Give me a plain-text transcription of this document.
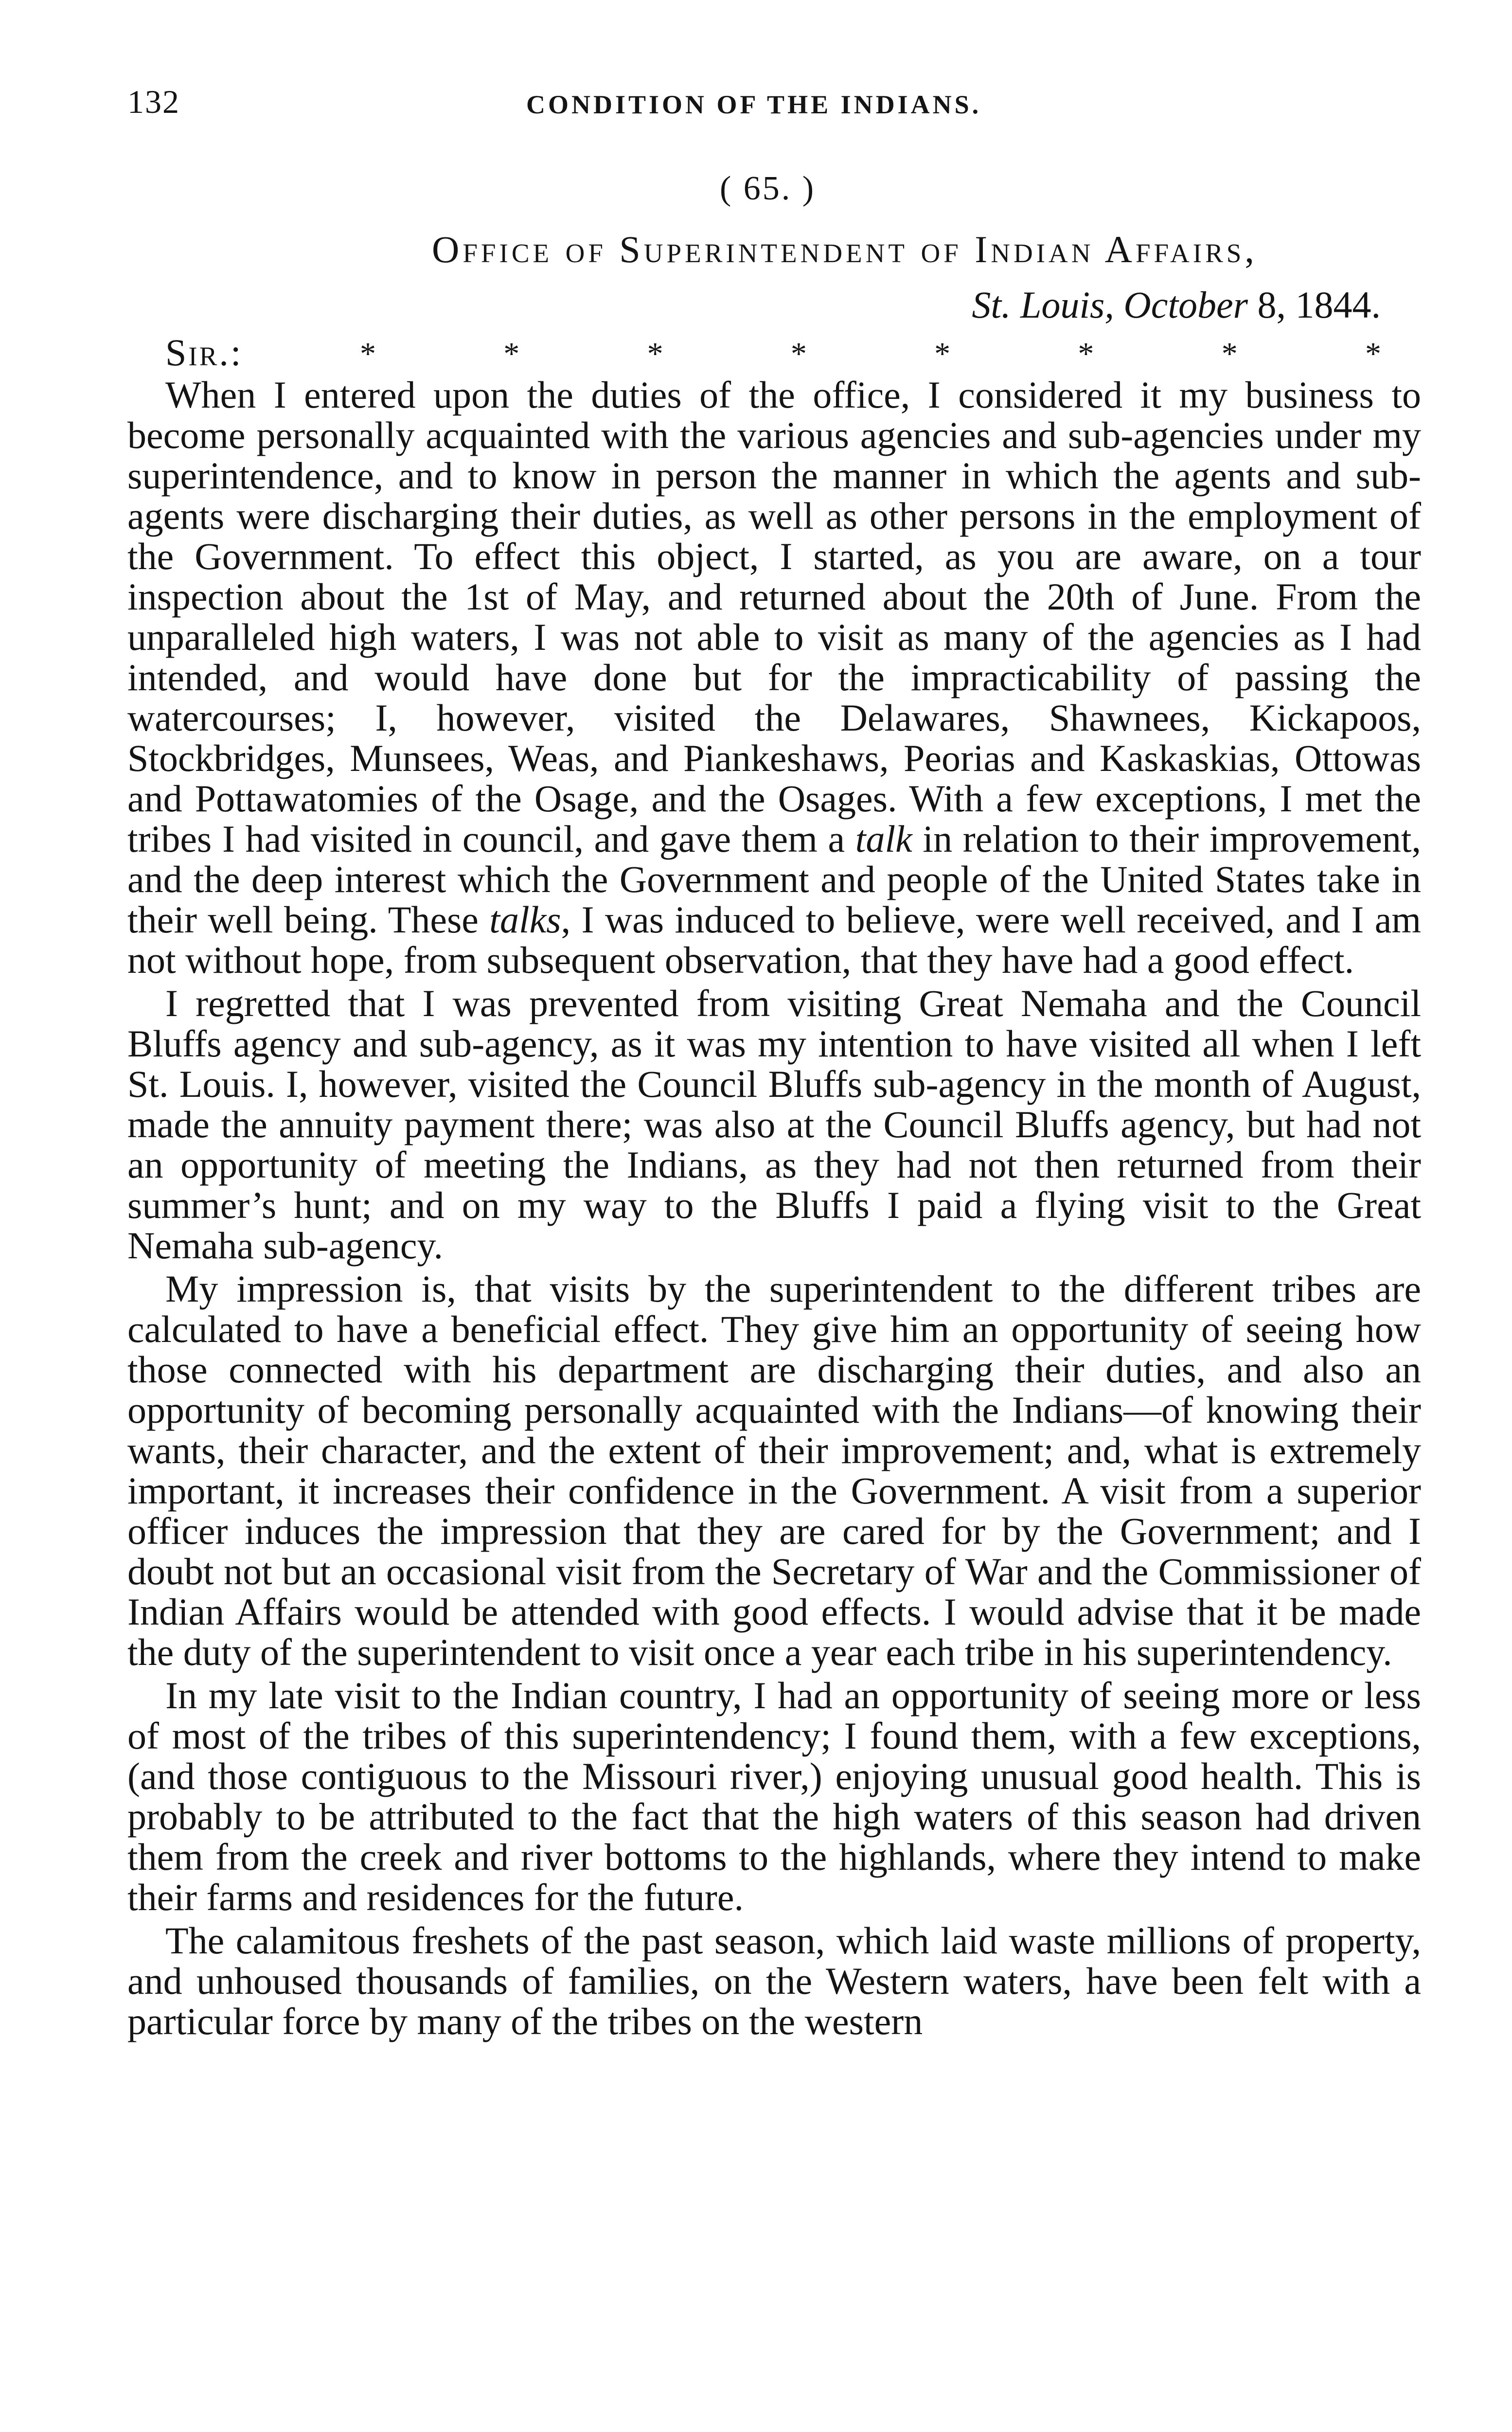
132	CONDITION OF THE INDIANS.
( 65. )
Office of Superintendent of Indian Affairs,
St. Louis, October 8, 1844.
Sir.:	*	*	*	*	*	*	*	*

When I entered upon the duties of the office, I considered it my business to become personally acquainted with the various agencies and sub-agencies under my superintendence, and to know in person the manner in which the agents and sub-agents were discharging their duties, as well as other persons in the employment of the Government. To effect this object, I started, as you are aware, on a tour inspection about the 1st of May, and returned about the 20th of June. From the unparalleled high waters, I was not able to visit as many of the agencies as I had intended, and would have done but for the impracticability of passing the watercourses; I, however, visited the Delawares, Shawnees, Kickapoos, Stockbridges, Munsees, Weas, and Piankeshaws, Peorias and Kaskaskias, Ottowas and Pottawatomies of the Osage, and the Osages. With a few exceptions, I met the tribes I had visited in council, and gave them a talk in relation to their improvement, and the deep interest which the Government and people of the United States take in their well being. These talks, I was induced to believe, were well received, and I am not without hope, from subsequent observation, that they have had a good effect.

I regretted that I was prevented from visiting Great Nemaha and the Council Bluffs agency and sub-agency, as it was my intention to have visited all when I left St. Louis. I, however, visited the Council Bluffs sub-agency in the month of August, made the annuity payment there; was also at the Council Bluffs agency, but had not an opportunity of meeting the Indians, as they had not then returned from their summer’s hunt; and on my way to the Bluffs I paid a flying visit to the Great Nemaha sub-agency.

My impression is, that visits by the superintendent to the different tribes are calculated to have a beneficial effect. They give him an opportunity of seeing how those connected with his department are discharging their duties, and also an opportunity of becoming personally acquainted with the Indians—of knowing their wants, their character, and the extent of their improvement; and, what is extremely important, it increases their confidence in the Government. A visit from a superior officer induces the impression that they are cared for by the Government; and I doubt not but an occasional visit from the Secretary of War and the Commissioner of Indian Affairs would be attended with good effects. I would advise that it be made the duty of the superintendent to visit once a year each tribe in his superintendency.

In my late visit to the Indian country, I had an opportunity of seeing more or less of most of the tribes of this superintendency; I found them, with a few exceptions, (and those contiguous to the Missouri river,) enjoying unusual good health. This is probably to be attributed to the fact that the high waters of this season had driven them from the creek and river bottoms to the highlands, where they intend to make their farms and residences for the future.

The calamitous freshets of the past season, which laid waste millions of property, and unhoused thousands of families, on the Western waters, have been felt with a particular force by many of the tribes on the western
